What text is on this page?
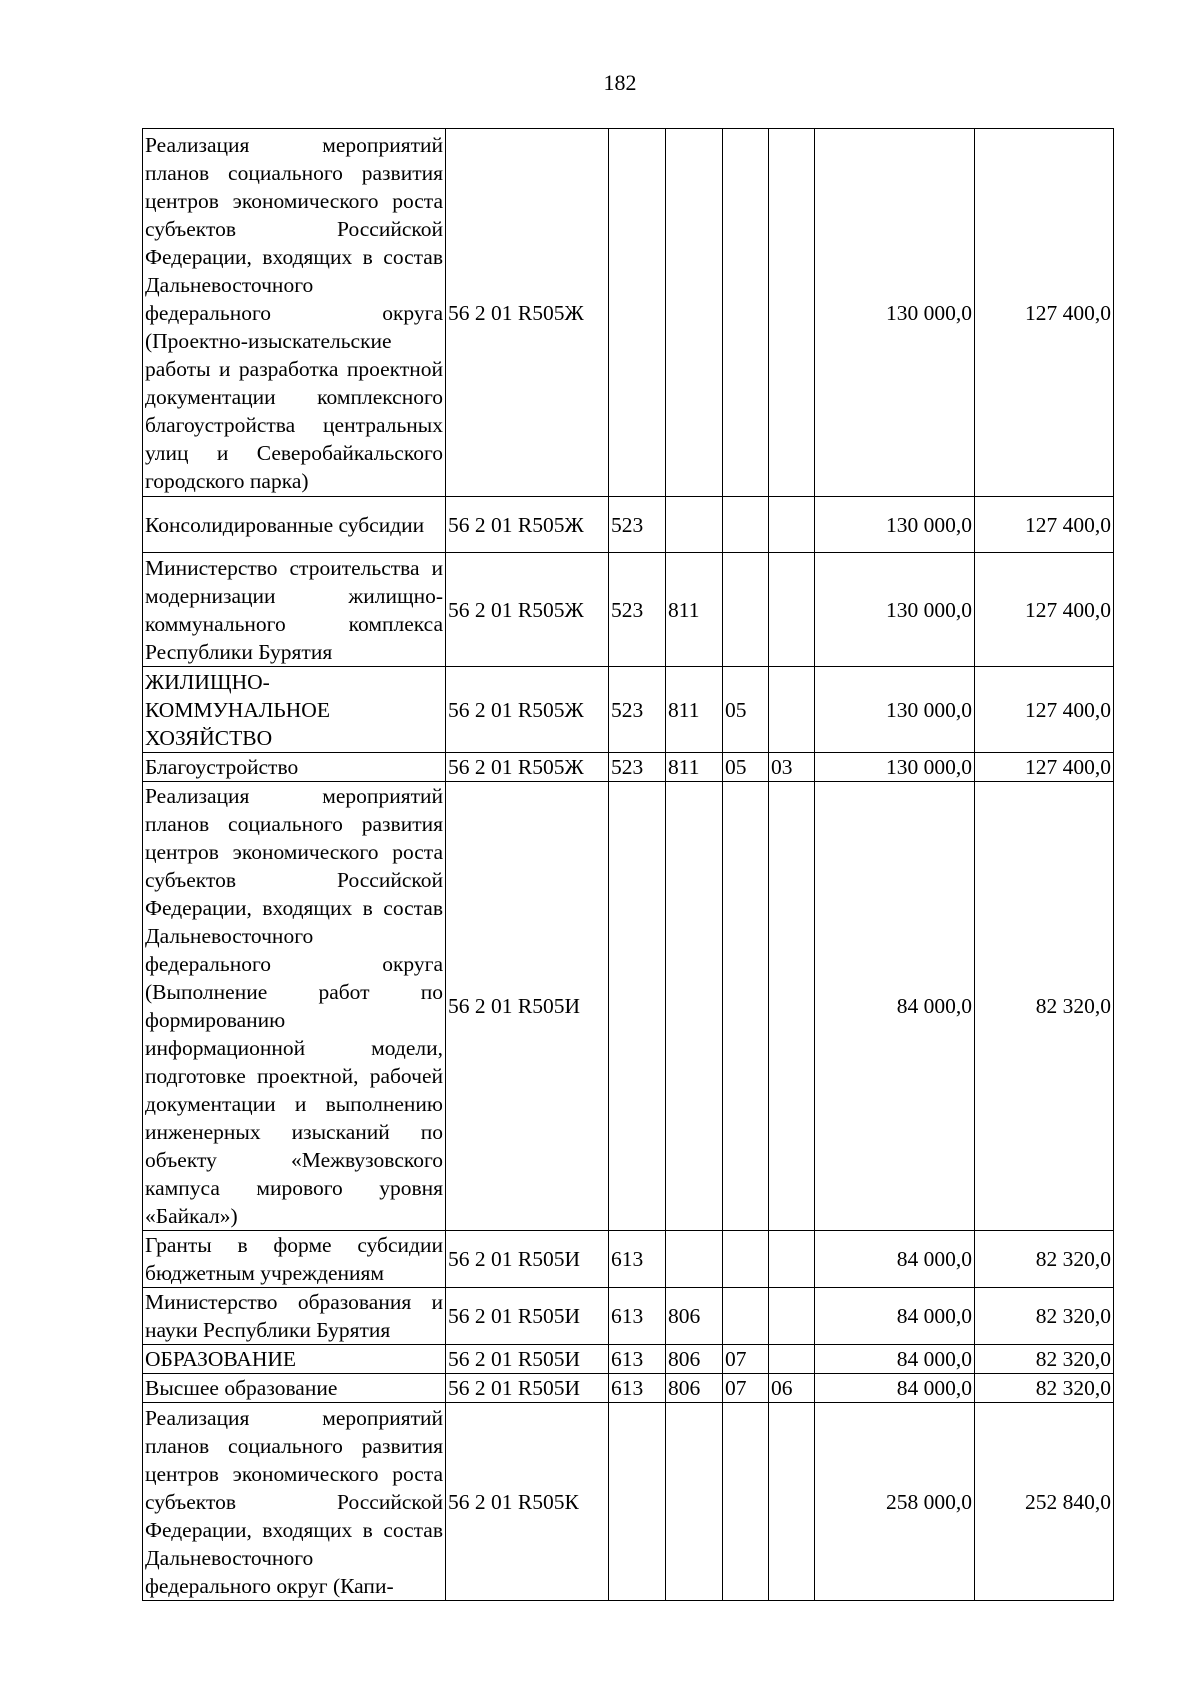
182
Реализация мероприятий планов социального развития центров экономического роста субъектов Российской Федерации, входящих в состав Дальневосточного федерального округа (Проектно-изыскательские работы и разработка проектной документации комплексного благоустройства центральных улиц и Северобайкальского городского парка)	56 2 01 R505Ж					130 000,0	127 400,0
Консолидированные субсидии	56 2 01 R505Ж	523				130 000,0	127 400,0
Министерство строительства и модернизации жилищно-коммунального комплекса Республики Бурятия	56 2 01 R505Ж	523	811			130 000,0	127 400,0
ЖИЛИЩНО-КОММУНАЛЬНОЕ ХОЗЯЙСТВО	56 2 01 R505Ж	523	811	05		130 000,0	127 400,0
Благоустройство	56 2 01 R505Ж	523	811	05	03	130 000,0	127 400,0
Реализация мероприятий планов социального развития центров экономического роста субъектов Российской Федерации, входящих в состав Дальневосточного федерального округа (Выполнение работ по формированию информационной модели, подготовке проектной, рабочей документации и выполнению инженерных изысканий по объекту «Межвузовского кампуса мирового уровня «Байкал»)	56 2 01 R505И					84 000,0	82 320,0
Гранты в форме субсидии бюджетным учреждениям	56 2 01 R505И	613				84 000,0	82 320,0
Министерство образования и науки Республики Бурятия	56 2 01 R505И	613	806			84 000,0	82 320,0
ОБРАЗОВАНИЕ	56 2 01 R505И	613	806	07		84 000,0	82 320,0
Высшее образование	56 2 01 R505И	613	806	07	06	84 000,0	82 320,0
Реализация мероприятий планов социального развития центров экономического роста субъектов Российской Федерации, входящих в состав Дальневосточного федерального округ (Капи-	56 2 01 R505К					258 000,0	252 840,0
